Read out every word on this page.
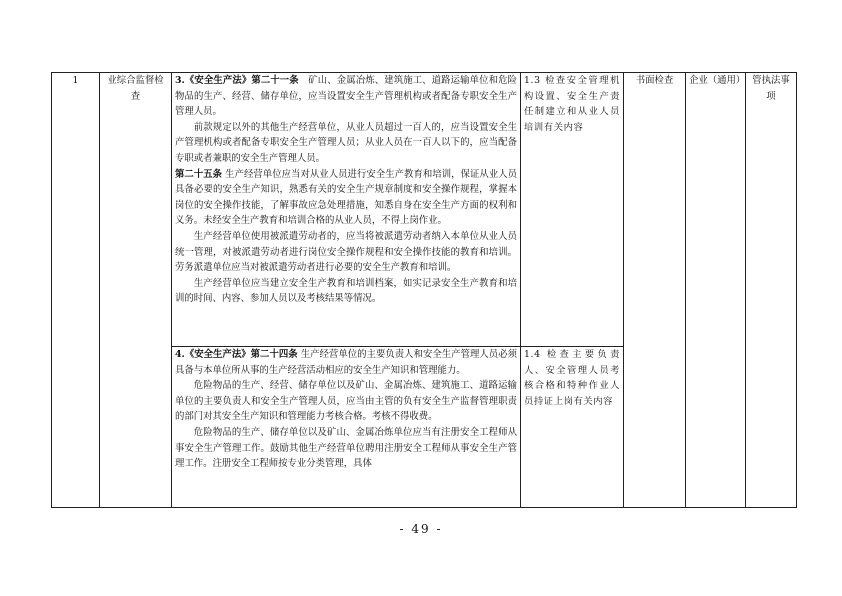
1	业综合监督检查	3.《安全生产法》第二十一条　 矿山、金属冶炼、建筑施工、道路运输单位和危险物品的生产、经营、储存单位，应当设置安全生产管理机构或者配备专职安全生产管理人员。

前款规定以外的其他生产经营单位，从业人员超过一百人的，应当设置安全生产管理机构或者配备专职安全生产管理人员；从业人员在一百人以下的，应当配备专职或者兼职的安全生产管理人员。

第二十五条 生产经营单位应当对从业人员进行安全生产教育和培训，保证从业人员具备必要的安全生产知识，熟悉有关的安全生产规章制度和安全操作规程，掌握本岗位的安全操作技能，了解事故应急处理措施，知悉自身在安全生产方面的权利和义务。未经安全生产教育和培训合格的从业人员，不得上岗作业。

生产经营单位使用被派遣劳动者的，应当将被派遣劳动者纳入本单位从业人员统一管理，对被派遣劳动者进行岗位安全操作规程和安全操作技能的教育和培训。劳务派遣单位应当对被派遣劳动者进行必要的安全生产教育和培训。

生产经营单位应当建立安全生产教育和培训档案，如实记录安全生产教育和培训的时间、内容、参加人员以及考核结果等情况。	1.3 检查安全管理机构设置、安全生产责任制建立和从业人员培训有关内容	书面检查	企业（通用）	管执法事项

		4.《安全生产法》第二十四条 生产经营单位的主要负责人和安全生产管理人员必须具备与本单位所从事的生产经营活动相应的安全生产知识和管理能力。

危险物品的生产、经营、储存单位以及矿山、金属冶炼、建筑施工、道路运输单位的主要负责人和安全生产管理人员，应当由主管的负有安全生产监督管理职责的部门对其安全生产知识和管理能力考核合格。考核不得收费。

危险物品的生产、储存单位以及矿山、金属冶炼单位应当有注册安全工程师从事安全生产管理工作。鼓励其他生产经营单位聘用注册安全工程师从事安全生产管理工作。注册安全工程师按专业分类管理，具体	1.4 检查主要负责人、安全管理人员考核合格和特种作业人员持证上岗有关内容			
- 49 -
